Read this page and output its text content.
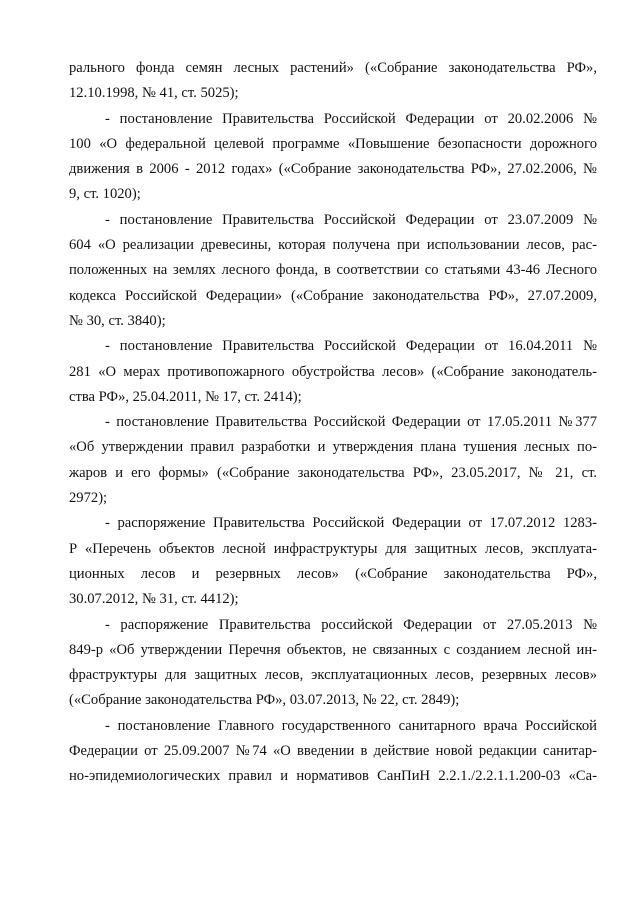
рального фонда семян лесных растений» («Собрание законодательства РФ»,
12.10.1998, № 41, ст. 5025);
- постановление Правительства Российской Федерации от 20.02.2006 №
100 «О федеральной целевой программе «Повышение безопасности дорожного
движения в 2006 - 2012 годах» («Собрание законодательства РФ», 27.02.2006, №
9, ст. 1020);
- постановление Правительства Российской Федерации от 23.07.2009 №
604 «О реализации древесины, которая получена при использовании лесов, рас-
положенных на землях лесного фонда, в соответствии со статьями 43-46 Лесного
кодекса Российской Федерации» («Собрание законодательства РФ», 27.07.2009,
№ 30, ст. 3840);
- постановление Правительства Российской Федерации от 16.04.2011 №
281 «О мерах противопожарного обустройства лесов» («Собрание законодатель-
ства РФ», 25.04.2011, № 17, ст. 2414);
- постановление Правительства Российской Федерации от 17.05.2011 №377
«Об утверждении правил разработки и утверждения плана тушения лесных по-
жаров и его формы» («Собрание законодательства РФ», 23.05.2017, № 21, ст.
2972);
- распоряжение Правительства Российской Федерации от 17.07.2012 1283-
Р «Перечень объектов лесной инфраструктуры для защитных лесов, эксплуата-
ционных лесов и резервных лесов» («Собрание законодательства РФ»,
30.07.2012, № 31, ст. 4412);
- распоряжение Правительства российской Федерации от 27.05.2013 №
849-р «Об утверждении Перечня объектов, не связанных с созданием лесной ин-
фраструктуры для защитных лесов, эксплуатационных лесов, резервных лесов»
(«Собрание законодательства РФ», 03.07.2013, № 22, ст. 2849);
- постановление Главного государственного санитарного врача Российской
Федерации от 25.09.2007 №74 «О введении в действие новой редакции санитар-
но-эпидемиологических правил и нормативов СанПиН 2.2.1./2.2.1.1.200-03 «Са-
